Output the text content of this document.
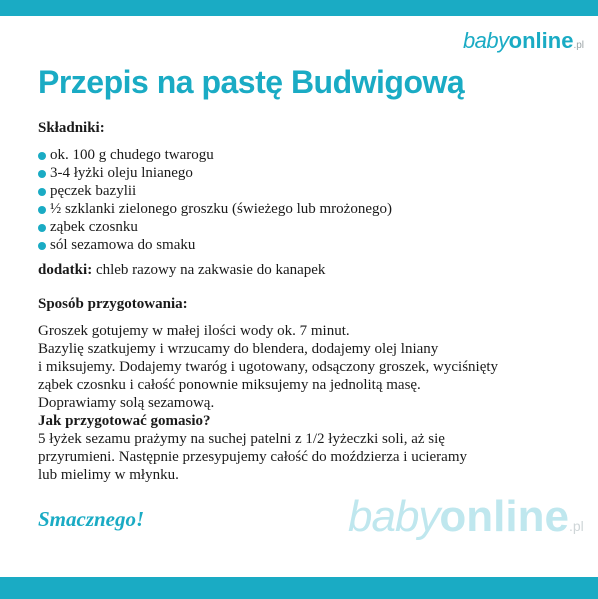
babyonline.pl
Przepis na pastę Budwigową
Składniki:
ok. 100 g chudego twarogu
3-4 łyżki oleju lnianego
pęczek bazylii
½ szklanki zielonego groszku (świeżego lub mrożonego)
ząbek czosnku
sól sezamowa do smaku
dodatki: chleb razowy na zakwasie do kanapek
Sposób przygotowania:
Groszek gotujemy w małej ilości wody ok. 7 minut.
Bazylię szatkujemy i wrzucamy do blendera, dodajemy olej lniany
i miksujemy. Dodajemy twaróg i ugotowany, odsączony groszek, wyciśnięty
ząbek czosnku i całość ponownie miksujemy na jednolitą masę.
Doprawiamy solą sezamową.
Jak przygotować gomasio?
5 łyżek sezamu prażymy na suchej patelni z 1/2 łyżeczki soli, aż się
przyrumieni. Następnie przesypujemy całość do moździerza i ucieramy
lub mielimy w młynku.
Smacznego!	babyonline.pl
